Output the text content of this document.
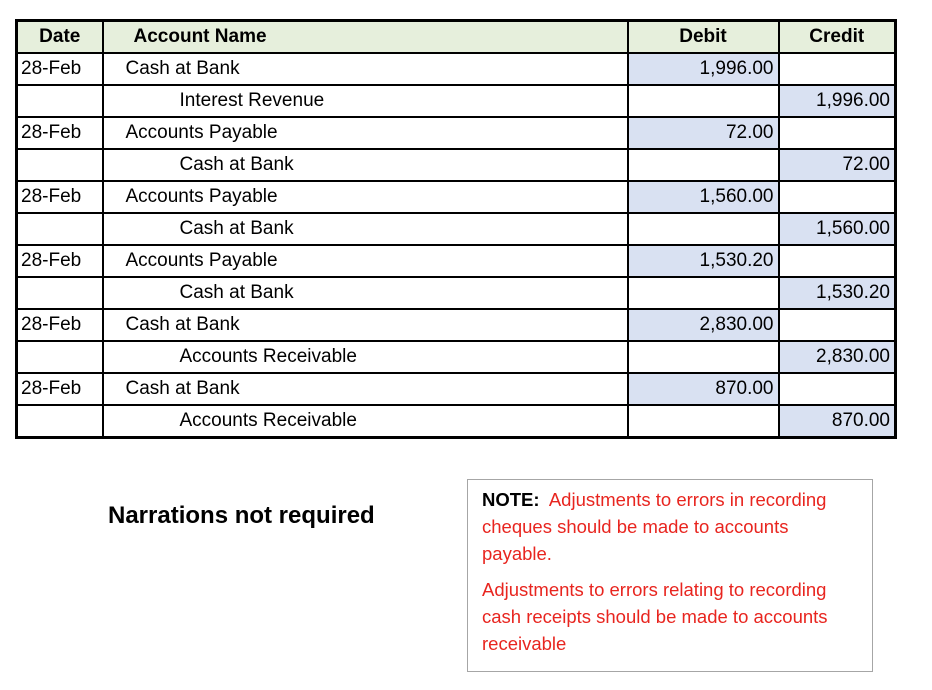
Date	Account Name	Debit	Credit
28-Feb	Cash at Bank	1,996.00	
	Interest Revenue		1,996.00
28-Feb	Accounts Payable	72.00	
	Cash at Bank		72.00
28-Feb	Accounts Payable	1,560.00	
	Cash at Bank		1,560.00
28-Feb	Accounts Payable	1,530.20	
	Cash at Bank		1,530.20
28-Feb	Cash at Bank	2,830.00	
	Accounts Receivable		2,830.00
28-Feb	Cash at Bank	870.00	
	Accounts Receivable		870.00
Narrations not required

NOTE: Adjustments to errors in recording cheques should be made to accounts payable.

Adjustments to errors relating to recording cash receipts should be made to accounts receivable
